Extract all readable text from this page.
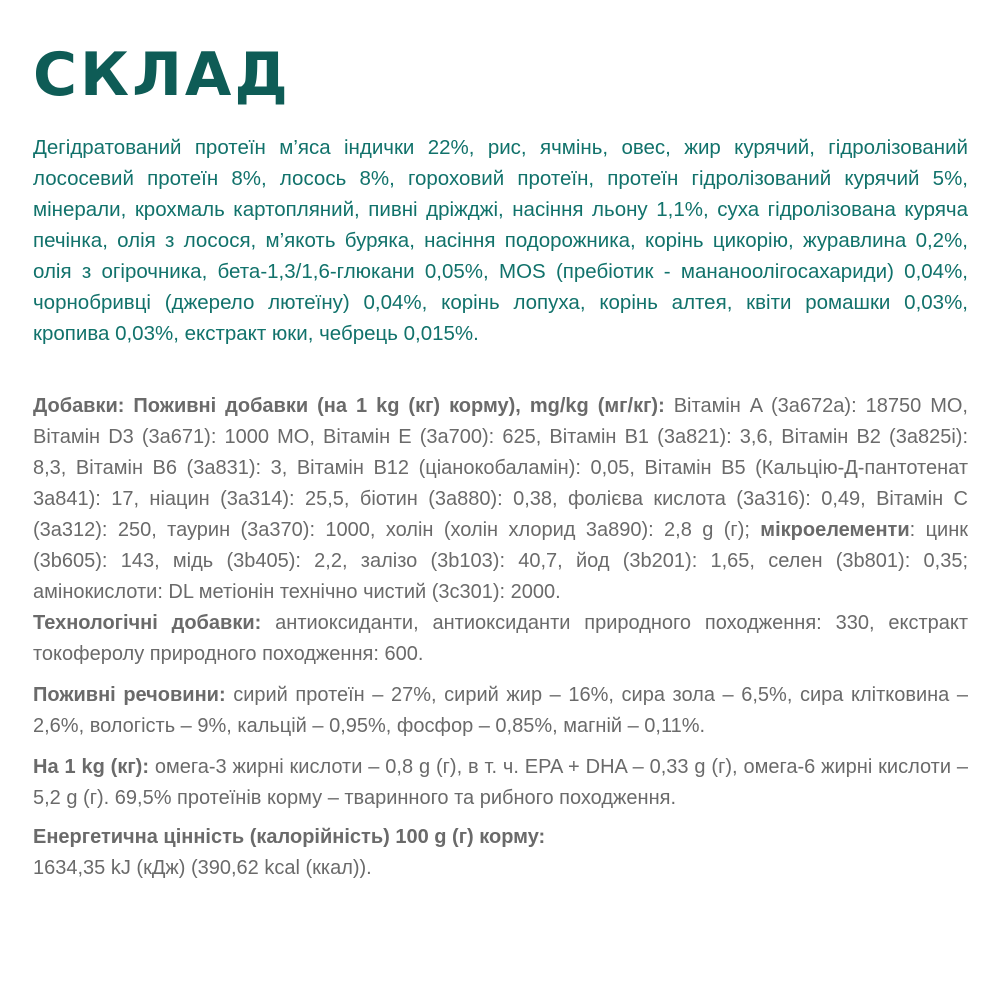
СКЛАД

Дегідратований протеїн м’яса індички 22%, рис, ячмінь, овес, жир курячий, гідролізований лососевий протеїн 8%, лосось 8%, гороховий протеїн, протеїн гідролізований курячий 5%, мінерали, крохмаль картопляний, пивні дріжджі, насіння льону 1,1%, суха гідролізована куряча печінка, олія з лосося, м’якоть буряка, насіння подорожника, корінь цикорію, журавлина 0,2%, олія з огірочника, бета-1,3/1,6-глюкани 0,05%, MOS (пребіотик - мананоолігосахариди) 0,04%, чорнобривці (джерело лютеїну) 0,04%, корінь лопуха, корінь алтея, квіти ромашки 0,03%, кропива 0,03%, екстракт юки, чебрець 0,015%.

Добавки: Поживні добавки (на 1 kg (кг) корму), mg/kg (мг/кг): Вітамін A (3a672a): 18750 МО, Вітамін D3 (3a671): 1000 МО, Вітамін E (3a700): 625, Вітамін B1 (3a821): 3,6, Вітамін B2 (3a825i): 8,3, Вітамін B6 (3a831): 3, Вітамін B12 (ціанокобаламін): 0,05, Вітамін B5 (Кальцію-Д-пантотенат 3a841): 17, ніацин (3a314): 25,5, біотин (3a880): 0,38, фолієва кислота (3a316): 0,49, Вітамін C (3a312): 250, таурин (3a370): 1000, холін (холін хлорид 3a890): 2,8 g (г); мікроелементи: цинк (3b605): 143, мідь (3b405): 2,2, залізо (3b103): 40,7, йод (3b201): 1,65, селен (3b801): 0,35; амінокислоти: DL метіонін технічно чистий (3c301): 2000.

Технологічні добавки: антиоксиданти, антиоксиданти природного походження: 330, екстракт токоферолу природного походження: 600.

Поживні речовини: сирий протеїн – 27%, сирий жир – 16%, сира зола – 6,5%, сира клітковина – 2,6%, вологість – 9%, кальцій – 0,95%, фосфор – 0,85%, магній – 0,11%.

На 1 kg (кг): омега-3 жирні кислоти – 0,8 g (г), в т. ч. EPA + DHA – 0,33 g (г), омега-6 жирні кислоти – 5,2 g (г). 69,5% протеїнів корму – тваринного та рибного походження.

Енергетична цінність (калорійність) 100 g (г) корму:
1634,35 kJ (кДж) (390,62 kcal (ккал)).
